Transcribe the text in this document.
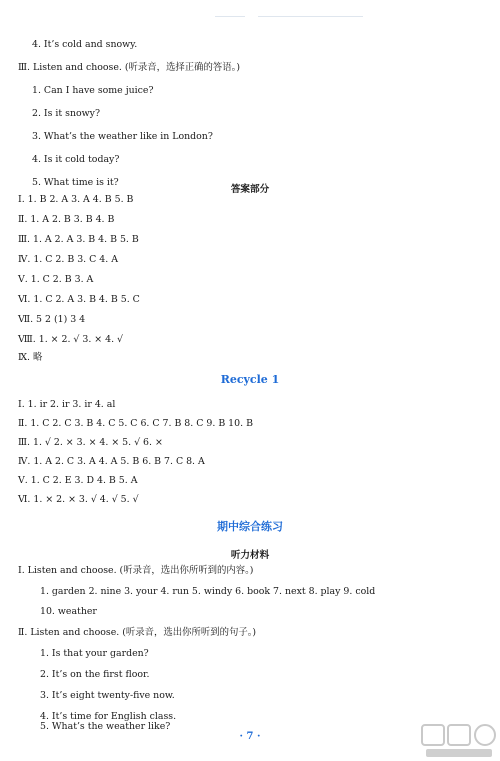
4. It’s cold and snowy.
Ⅲ. Listen and choose. (听录音，选择正确的答语。)
1. Can I have some juice?
2. Is it snowy?
3. What’s the weather like in London?
4. Is it cold today?
5. What time is it?
答案部分
Ⅰ. 1. B 2. A 3. A 4. B 5. B
Ⅱ. 1. A 2. B 3. B 4. B
Ⅲ. 1. A 2. A 3. B 4. B 5. B
Ⅳ. 1. C 2. B 3. C 4. A
Ⅴ. 1. C 2. B 3. A
Ⅵ. 1. C 2. A 3. B 4. B 5. C
Ⅶ. 5 2 (1) 3 4
Ⅷ. 1. × 2. √ 3. × 4. √
Ⅸ. 略
Recycle 1
Ⅰ. 1. ir 2. ir 3. ir 4. al
Ⅱ. 1. C 2. C 3. B 4. C 5. C 6. C 7. B 8. C 9. B 10. B
Ⅲ. 1. √ 2. × 3. × 4. × 5. √ 6. ×
Ⅳ. 1. A 2. C 3. A 4. A 5. B 6. B 7. C 8. A
Ⅴ. 1. C 2. E 3. D 4. B 5. A
Ⅵ. 1. × 2. × 3. √ 4. √ 5. √
期中综合练习
听力材料
Ⅰ. Listen and choose. (听录音，选出你所听到的内容。)
1. garden 2. nine 3. your 4. run 5. windy 6. book 7. next 8. play 9. cold
10. weather
Ⅱ. Listen and choose. (听录音，选出你所听到的句子。)
1. Is that your garden?
2. It’s on the first floor.
3. It’s eight twenty-five now.
4. It’s time for English class.
5. What’s the weather like?
· 7 ·
